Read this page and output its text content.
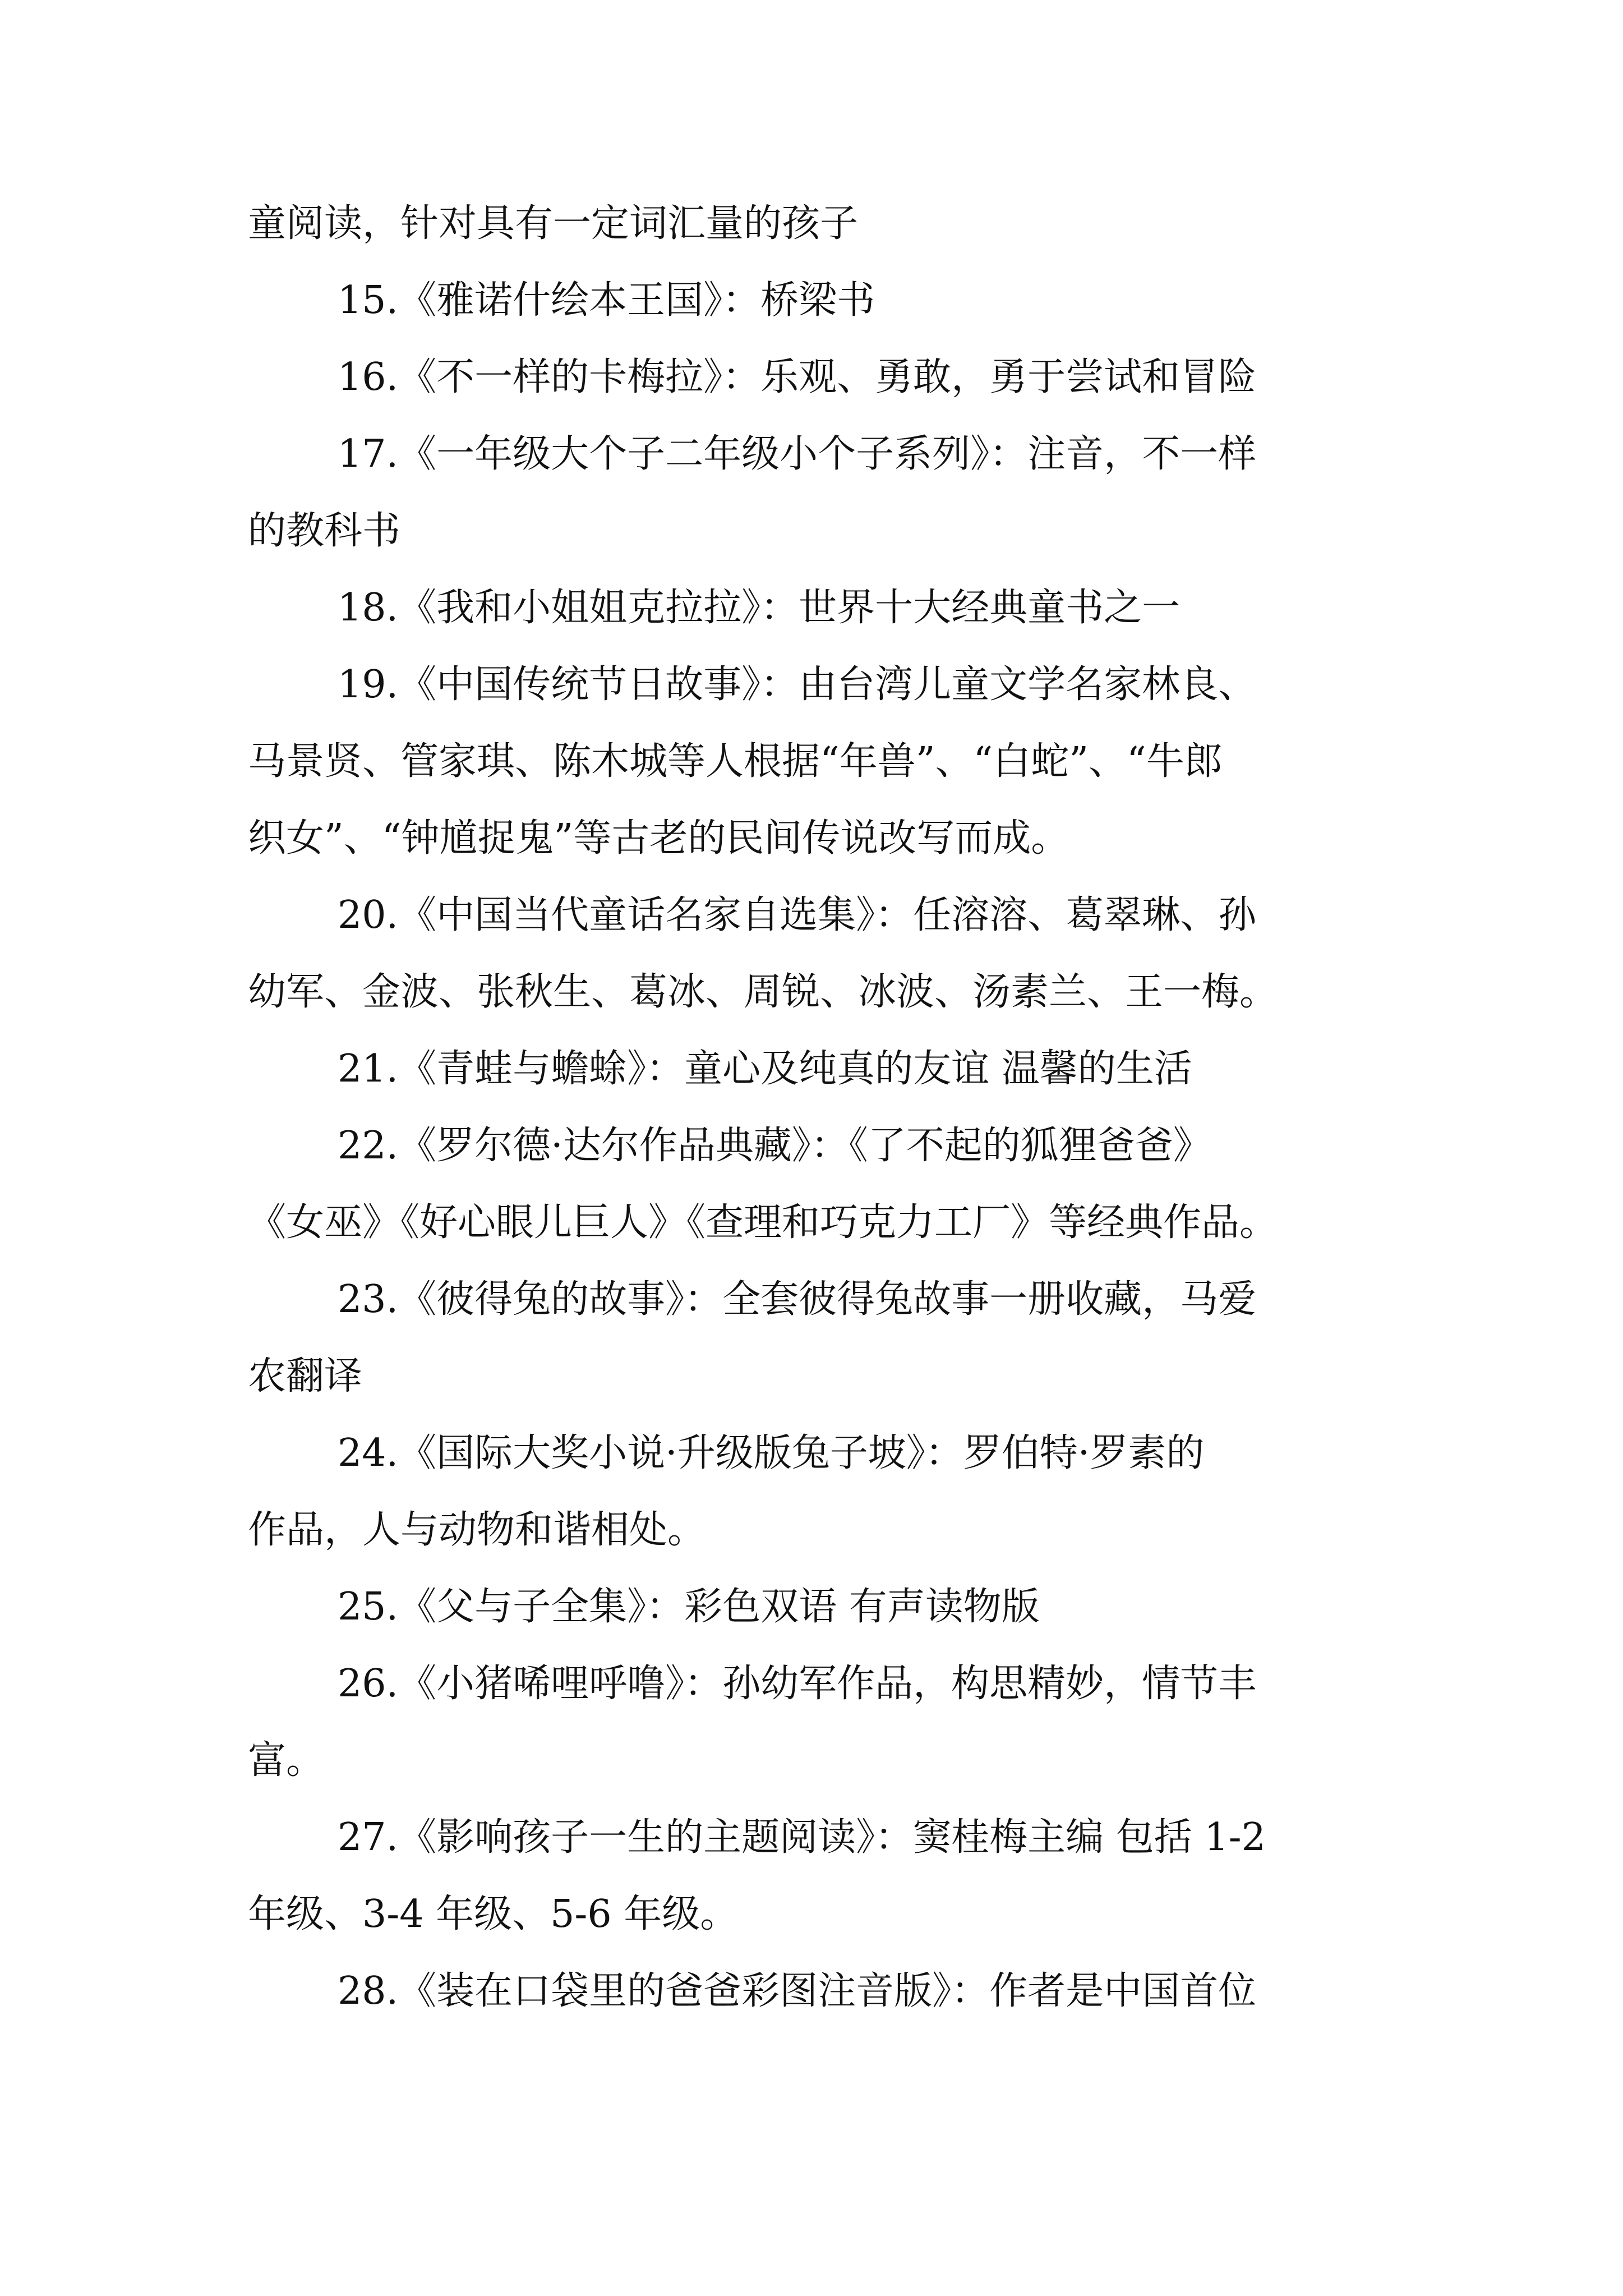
童阅读，针对具有一定词汇量的孩子
15.《雅诺什绘本王国》：桥梁书
16.《不一样的卡梅拉》：乐观、勇敢，勇于尝试和冒险
17.《一年级大个子二年级小个子系列》：注音，不一样
的教科书
18.《我和小姐姐克拉拉》：世界十大经典童书之一
19.《中国传统节日故事》：由台湾儿童文学名家林良、
马景贤、管家琪、陈木城等人根据“年兽”、“白蛇”、“牛郎
织女”、“钟馗捉鬼”等古老的民间传说改写而成。
20.《中国当代童话名家自选集》：任溶溶、葛翠琳、孙
幼军、金波、张秋生、葛冰、周锐、冰波、汤素兰、王一梅。
21.《青蛙与蟾蜍》：童心及纯真的友谊 温馨的生活
22.《罗尔德·达尔作品典藏》：《了不起的狐狸爸爸》
《女巫》《好心眼儿巨人》《查理和巧克力工厂》等经典作品。
23.《彼得兔的故事》：全套彼得兔故事一册收藏，马爱
农翻译
24.《国际大奖小说·升级版兔子坡》：罗伯特·罗素的
作品，人与动物和谐相处。
25.《父与子全集》：彩色双语 有声读物版
26.《小猪唏哩呼噜》：孙幼军作品，构思精妙，情节丰
富。
27.《影响孩子一生的主题阅读》：窦桂梅主编 包括 1-2
年级、3-4 年级、5-6 年级。
28.《装在口袋里的爸爸彩图注音版》：作者是中国首位
